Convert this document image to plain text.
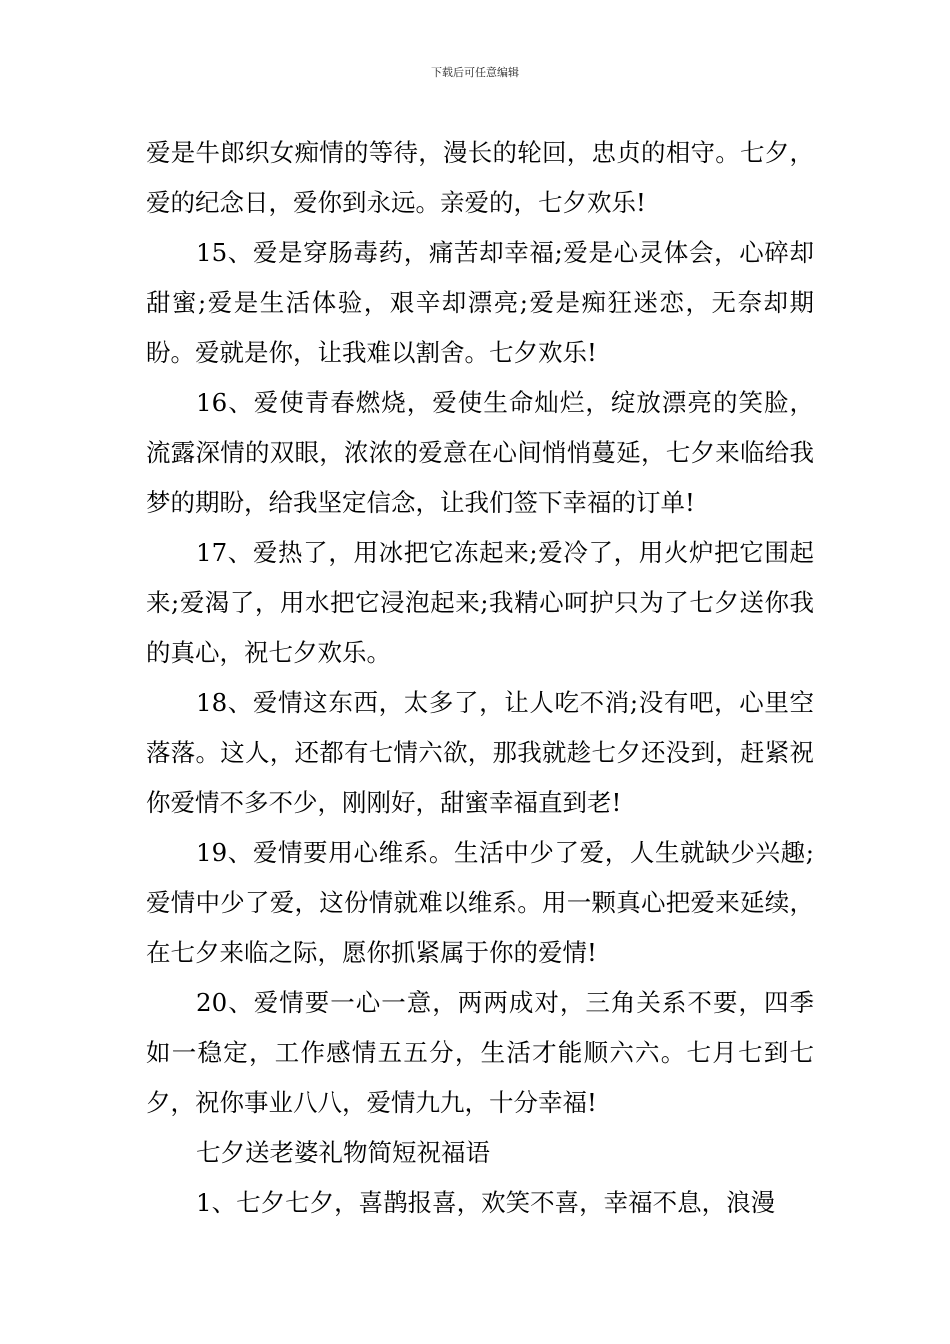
下载后可任意编辑

爱是牛郎织女痴情的等待，漫长的轮回，忠贞的相守。七夕，爱的纪念日，爱你到永远。亲爱的，七夕欢乐!

15、爱是穿肠毒药，痛苦却幸福;爱是心灵体会，心碎却甜蜜;爱是生活体验，艰辛却漂亮;爱是痴狂迷恋，无奈却期盼。爱就是你，让我难以割舍。七夕欢乐!

16、爱使青春燃烧，爱使生命灿烂，绽放漂亮的笑脸，流露深情的双眼，浓浓的爱意在心间悄悄蔓延，七夕来临给我梦的期盼，给我坚定信念，让我们签下幸福的订单!

17、爱热了，用冰把它冻起来;爱冷了，用火炉把它围起来;爱渴了，用水把它浸泡起来;我精心呵护只为了七夕送你我的真心，祝七夕欢乐。

18、爱情这东西，太多了，让人吃不消;没有吧，心里空落落。这人，还都有七情六欲，那我就趁七夕还没到，赶紧祝你爱情不多不少，刚刚好，甜蜜幸福直到老!

19、爱情要用心维系。生活中少了爱，人生就缺少兴趣;爱情中少了爱，这份情就难以维系。用一颗真心把爱来延续，在七夕来临之际，愿你抓紧属于你的爱情!

20、爱情要一心一意，两两成对，三角关系不要，四季如一稳定，工作感情五五分，生活才能顺六六。七月七到七夕，祝你事业八八，爱情九九，十分幸福!

七夕送老婆礼物简短祝福语

1、七夕七夕，喜鹊报喜，欢笑不喜，幸福不息，浪漫
